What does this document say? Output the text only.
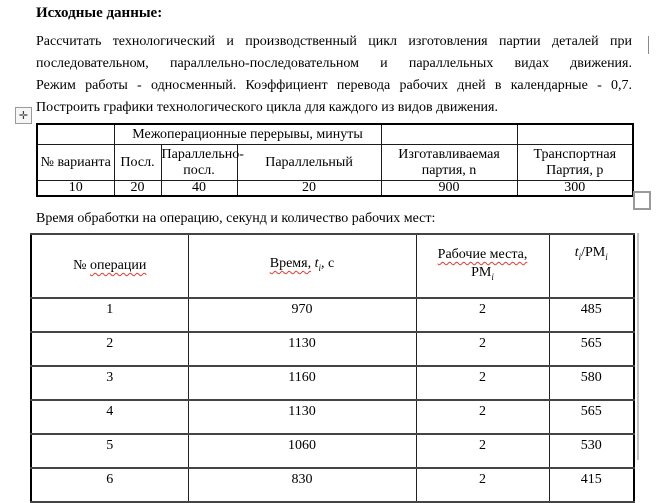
Исходные данные:
Рассчитать технологический и производственный цикл изготовления партии деталей при
последовательном, параллельно-последовательном и параллельных видах движения.
Режим работы - односменный. Коэффициент перевода рабочих дней в календарные - 0,7.
Построить графики технологического цикла для каждого из видов движения.
✛
	Межоперационные перерывы, минуты				
№ варианта	Посл.	Параллельно-посл.	Параллельный	Изготавливаемая партия, n	Транспортная Партия, p
10	20	40	20	900	300
Время обработки на операцию, секунд и количество рабочих мест:
№ операции	Время, $t_i$, с	Рабочие места,
$РМ_i$	$t_i/РМ_i$
1	970	2	485
2	1130	2	565
3	1160	2	580
4	1130	2	565
5	1060	2	530
6	830	2	415
